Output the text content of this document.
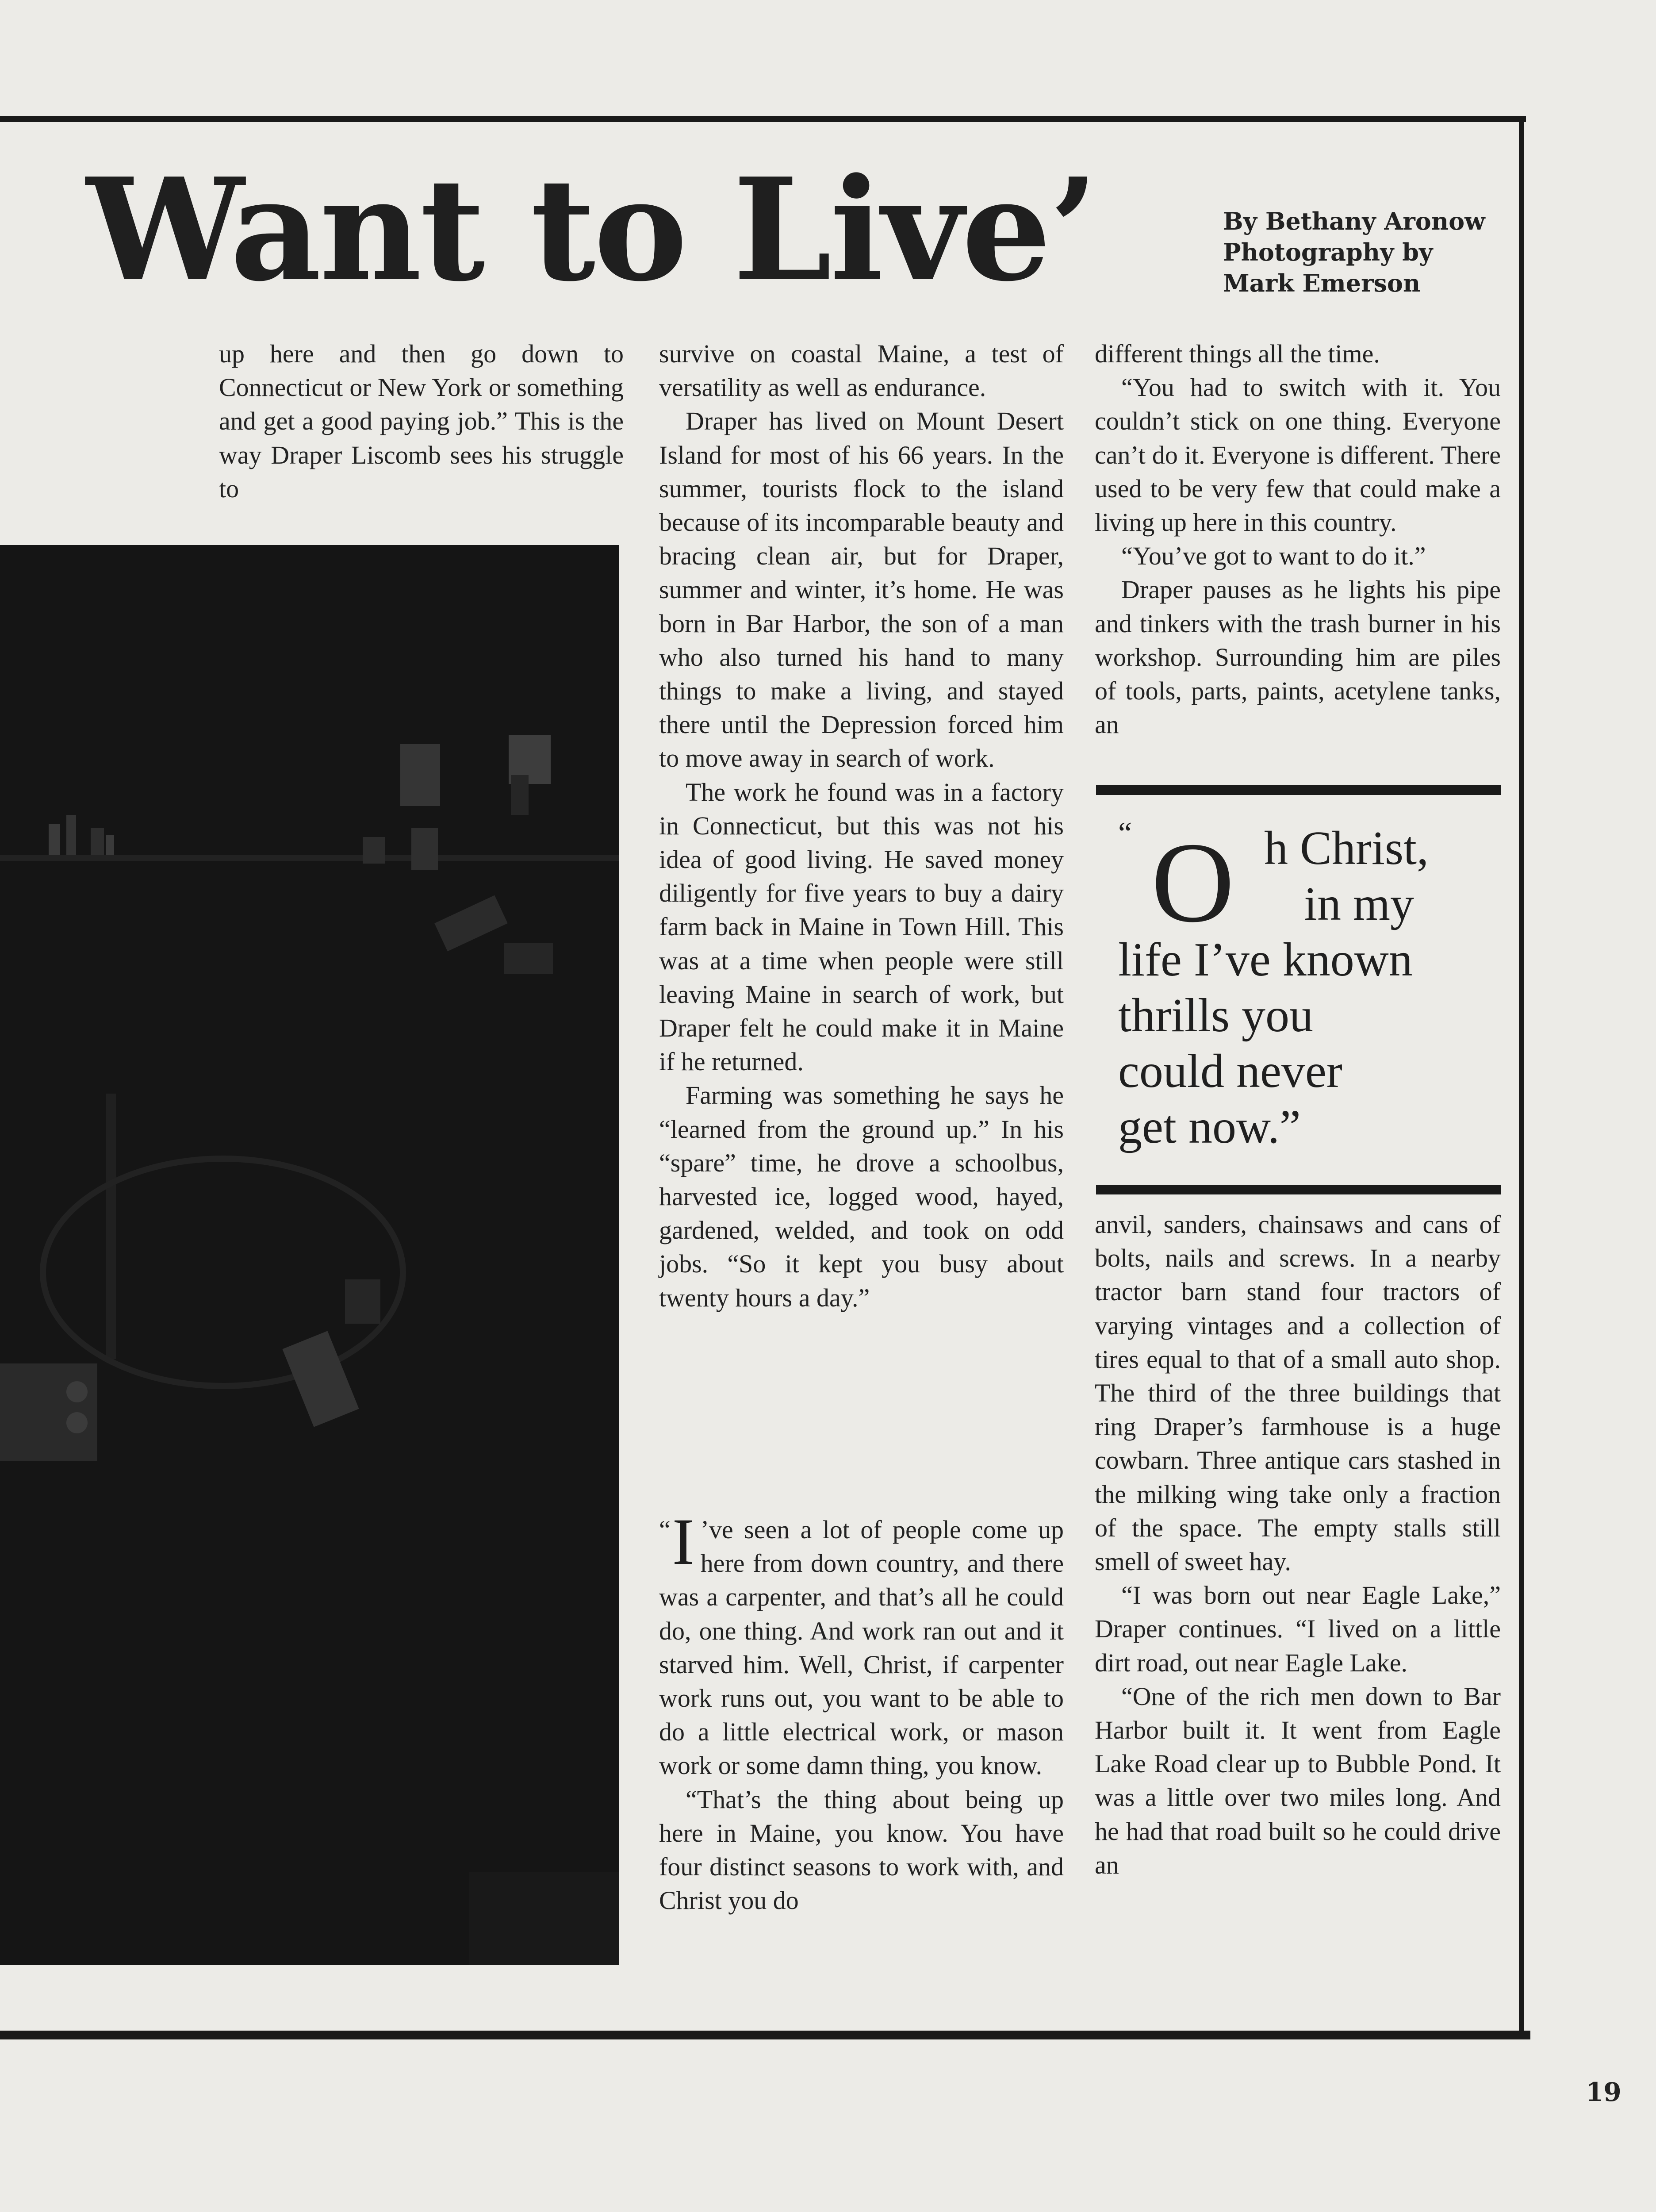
Want to Live’	By Bethany Aronow
Photography by
Mark Emerson

up here and then go down to Connecticut or New York or something and get a good paying job.” This is the way Draper Liscomb sees his struggle to

survive on coastal Maine, a test of versatility as well as endurance.

Draper has lived on Mount Desert Island for most of his 66 years. In the summer, tourists flock to the island because of its incomparable beauty and bracing clean air, but for Draper, summer and winter, it’s home. He was born in Bar Harbor, the son of a man who also turned his hand to many things to make a living, and stayed there until the Depression forced him to move away in search of work.

The work he found was in a factory in Connecticut, but this was not his idea of good living. He saved money diligently for five years to buy a dairy farm back in Maine in Town Hill. This was at a time when people were still leaving Maine in search of work, but Draper felt he could make it in Maine if he returned.

Farming was something he says he “learned from the ground up.” In his “spare” time, he drove a schoolbus, harvested ice, logged wood, hayed, gardened, welded, and took on odd jobs. “So it kept you busy about twenty hours a day.”

“ I ’ve seen a lot of people come up here from down country, and there was a carpenter, and that’s all he could do, one thing. And work ran out and it starved him. Well, Christ, if carpenter work runs out, you want to be able to do a little electrical work, or mason work or some damn thing, you know.

“That’s the thing about being up here in Maine, you know. You have four distinct seasons to work with, and Christ you do

different things all the time.

“You had to switch with it. You couldn’t stick on one thing. Everyone can’t do it. Everyone is different. There used to be very few that could make a living up here in this country.

“You’ve got to want to do it.”

Draper pauses as he lights his pipe and tinkers with the trash burner in his workshop. Surrounding him are piles of tools, parts, paints, acetylene tanks, an

“ O h Christ,
in my
life I’ve known
thrills you
could never
get now.”

anvil, sanders, chainsaws and cans of bolts, nails and screws. In a nearby tractor barn stand four tractors of varying vintages and a collection of tires equal to that of a small auto shop. The third of the three buildings that ring Draper’s farmhouse is a huge cowbarn. Three antique cars stashed in the milking wing take only a fraction of the space. The empty stalls still smell of sweet hay.

“I was born out near Eagle Lake,” Draper continues. “I lived on a little dirt road, out near Eagle Lake.

“One of the rich men down to Bar Harbor built it. It went from Eagle Lake Road clear up to Bubble Pond. It was a little over two miles long. And he had that road built so he could drive an

19
